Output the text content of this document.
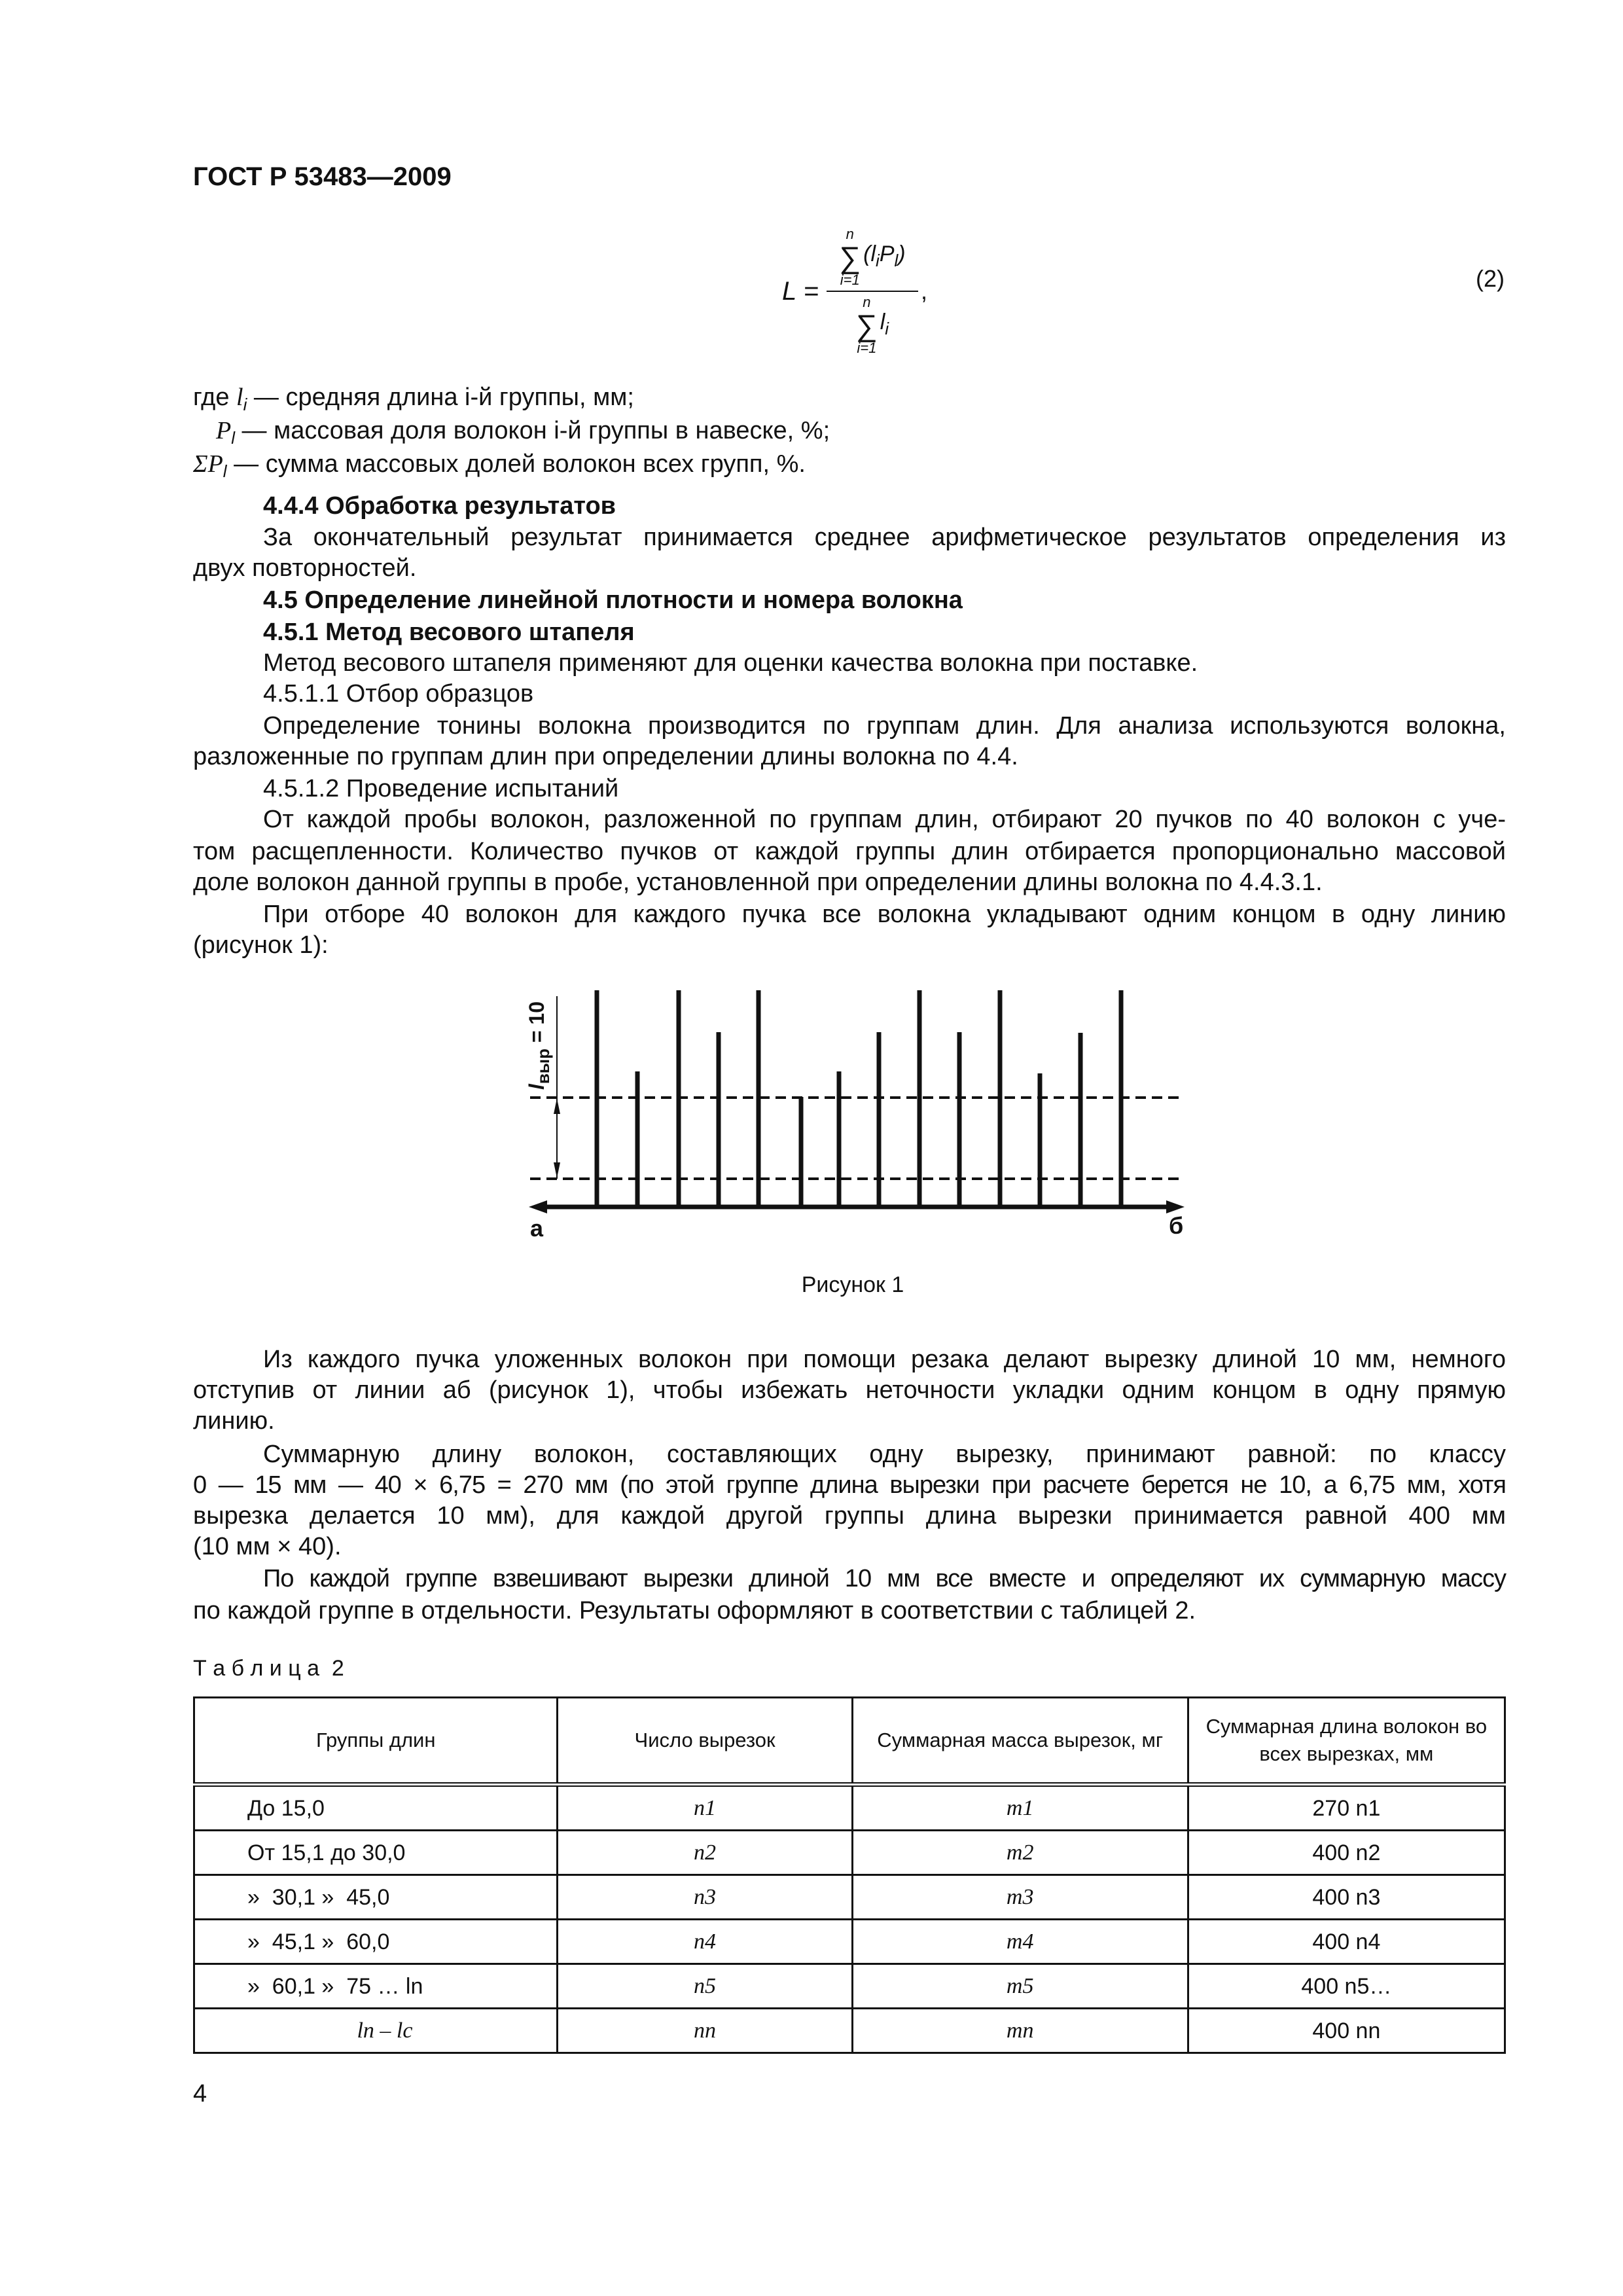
ГОСТ Р 53483—2009
L = n
∑
i=1
$(l_iP_l)$
n
∑
i=1
$l_i$ ,	(2)
где $l_i$ — средняя длина i-й группы, мм;
$P_l$ — массовая доля волокон i-й группы в навеске, %;
$\Sigma P_l$ — сумма массовых долей волокон всех групп, %.
4.4.4 Обработка результатов
За окончательный результат принимается среднее арифметическое результатов определения из
двух повторностей.
4.5 Определение линейной плотности и номера волокна
4.5.1 Метод весового штапеля
Метод весового штапеля применяют для оценки качества волокна при поставке.
4.5.1.1 Отбор образцов
Определение тонины волокна производится по группам длин. Для анализа используются волокна,
разложенные по группам длин при определении длины волокна по 4.4.
4.5.1.2 Проведение испытаний
От каждой пробы волокон, разложенной по группам длин, отбирают 20 пучков по 40 волокон с уче-
том расщепленности. Количество пучков от каждой группы длин отбирается пропорционально массовой
доле волокон данной группы в пробе, установленной при определении длины волокна по 4.4.3.1.
При отборе 40 волокон для каждого пучка все волокна укладывают одним концом в одну линию
(рисунок 1):
$l_{выр} = 10$
а	б
Рисунок 1
Из каждого пучка уложенных волокон при помощи резака делают вырезку длиной 10 мм, немного
отступив от линии аб (рисунок 1), чтобы избежать неточности укладки одним концом в одну прямую
линию.
Суммарную длину волокон, составляющих одну вырезку, принимают равной: по классу
0 — 15 мм — 40 × 6,75 = 270 мм (по этой группе длина вырезки при расчете берется не 10, а 6,75 мм, хотя
вырезка делается 10 мм), для каждой другой группы длина вырезки принимается равной 400 мм
(10 мм × 40).
По каждой группе взвешивают вырезки длиной 10 мм все вместе и определяют их суммарную массу
по каждой группе в отдельности. Результаты оформляют в соответствии с таблицей 2.
Т а б л и ц а  2
Группы длин	Число вырезок	Суммарная масса вырезок, мг	Суммарная длина волокон во всех вырезках, мм
До 15,0	n1	m1	270 n1
От 15,1 до 30,0	n2	m2	400 n2
»  30,1 »  45,0	n3	m3	400 n3
»  45,1 »  60,0	n4	m4	400 n4
»  60,1 »  75 … ln	n5	m5	400 n5…
ln – lc	nn	mn	400 nn
4
